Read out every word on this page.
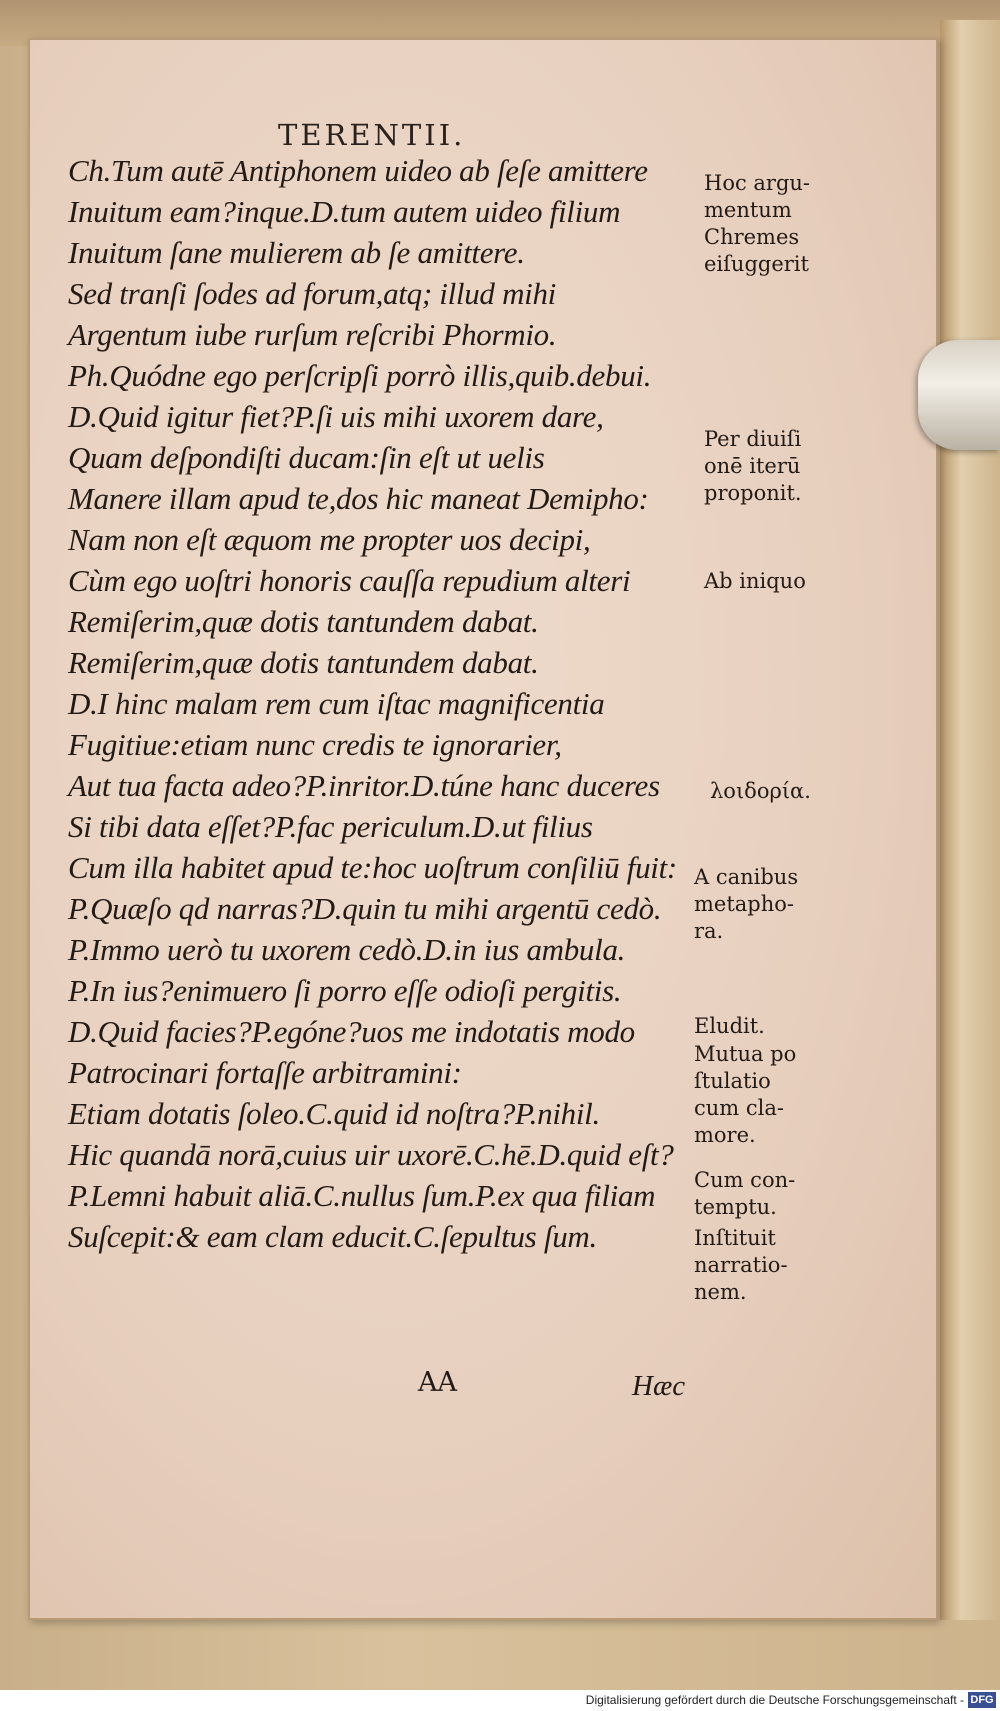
TERENTII.
Ch.Tum autē Antiphonem uideo ab ſeſe amittere
Inuitum eam?inque.D.tum autem uideo filium
Inuitum ſane mulierem ab ſe amittere.
Sed tranſi ſodes ad forum,atq; illud mihi
Argentum iube rurſum reſcribi Phormio.
Ph.Quódne ego perſcripſi porrò illis,quib.debui.
D.Quid igitur fiet?P.ſi uis mihi uxorem dare,
Quam deſpondiſti ducam:ſin eſt ut uelis
Manere illam apud te,dos hic maneat Demipho:
Nam non eſt æquom me propter uos decipi,
Cùm ego uoſtri honoris cauſſa repudium alteri
Remiſerim,quæ dotis tantundem dabat.
Remiſerim,quæ dotis tantundem dabat.
D.I hinc malam rem cum iſtac magnificentia
Fugitiue:etiam nunc credis te ignorarier,
Aut tua facta adeo?P.inritor.D.túne hanc duceres
Si tibi data eſſet?P.fac periculum.D.ut filius
Cum illa habitet apud te:hoc uoſtrum conſiliū fuit:
P.Quæſo qd narras?D.quin tu mihi argentū cedò.
P.Immo uerò tu uxorem cedò.D.in ius ambula.
P.In ius?enimuero ſi porro eſſe odioſi pergitis.
D.Quid facies?P.egóne?uos me indotatis modo
Patrocinari fortaſſe arbitramini:
Etiam dotatis ſoleo.C.quid id noſtra?P.nihil.
Hic quandā norā,cuius uir uxorē.C.hē.D.quid eſt?
P.Lemni habuit aliā.C.nullus ſum.P.ex qua filiam
Suſcepit:& eam clam educit.C.ſepultus ſum.
Hoc argu-
mentum
Chremes
eiſuggerit
Per diuiſi
onē iterū
proponit.
Ab iniquo
λοιδορία.
A canibus
metapho-
ra.
Eludit.
Mutua po
ſtulatio
cum cla-
more.
Cum con-
temptu.
Inſtituit
narratio-
nem.
AA	Hæc
Digitalisierung gefördert durch die Deutsche Forschungsgemeinschaft - DFG
